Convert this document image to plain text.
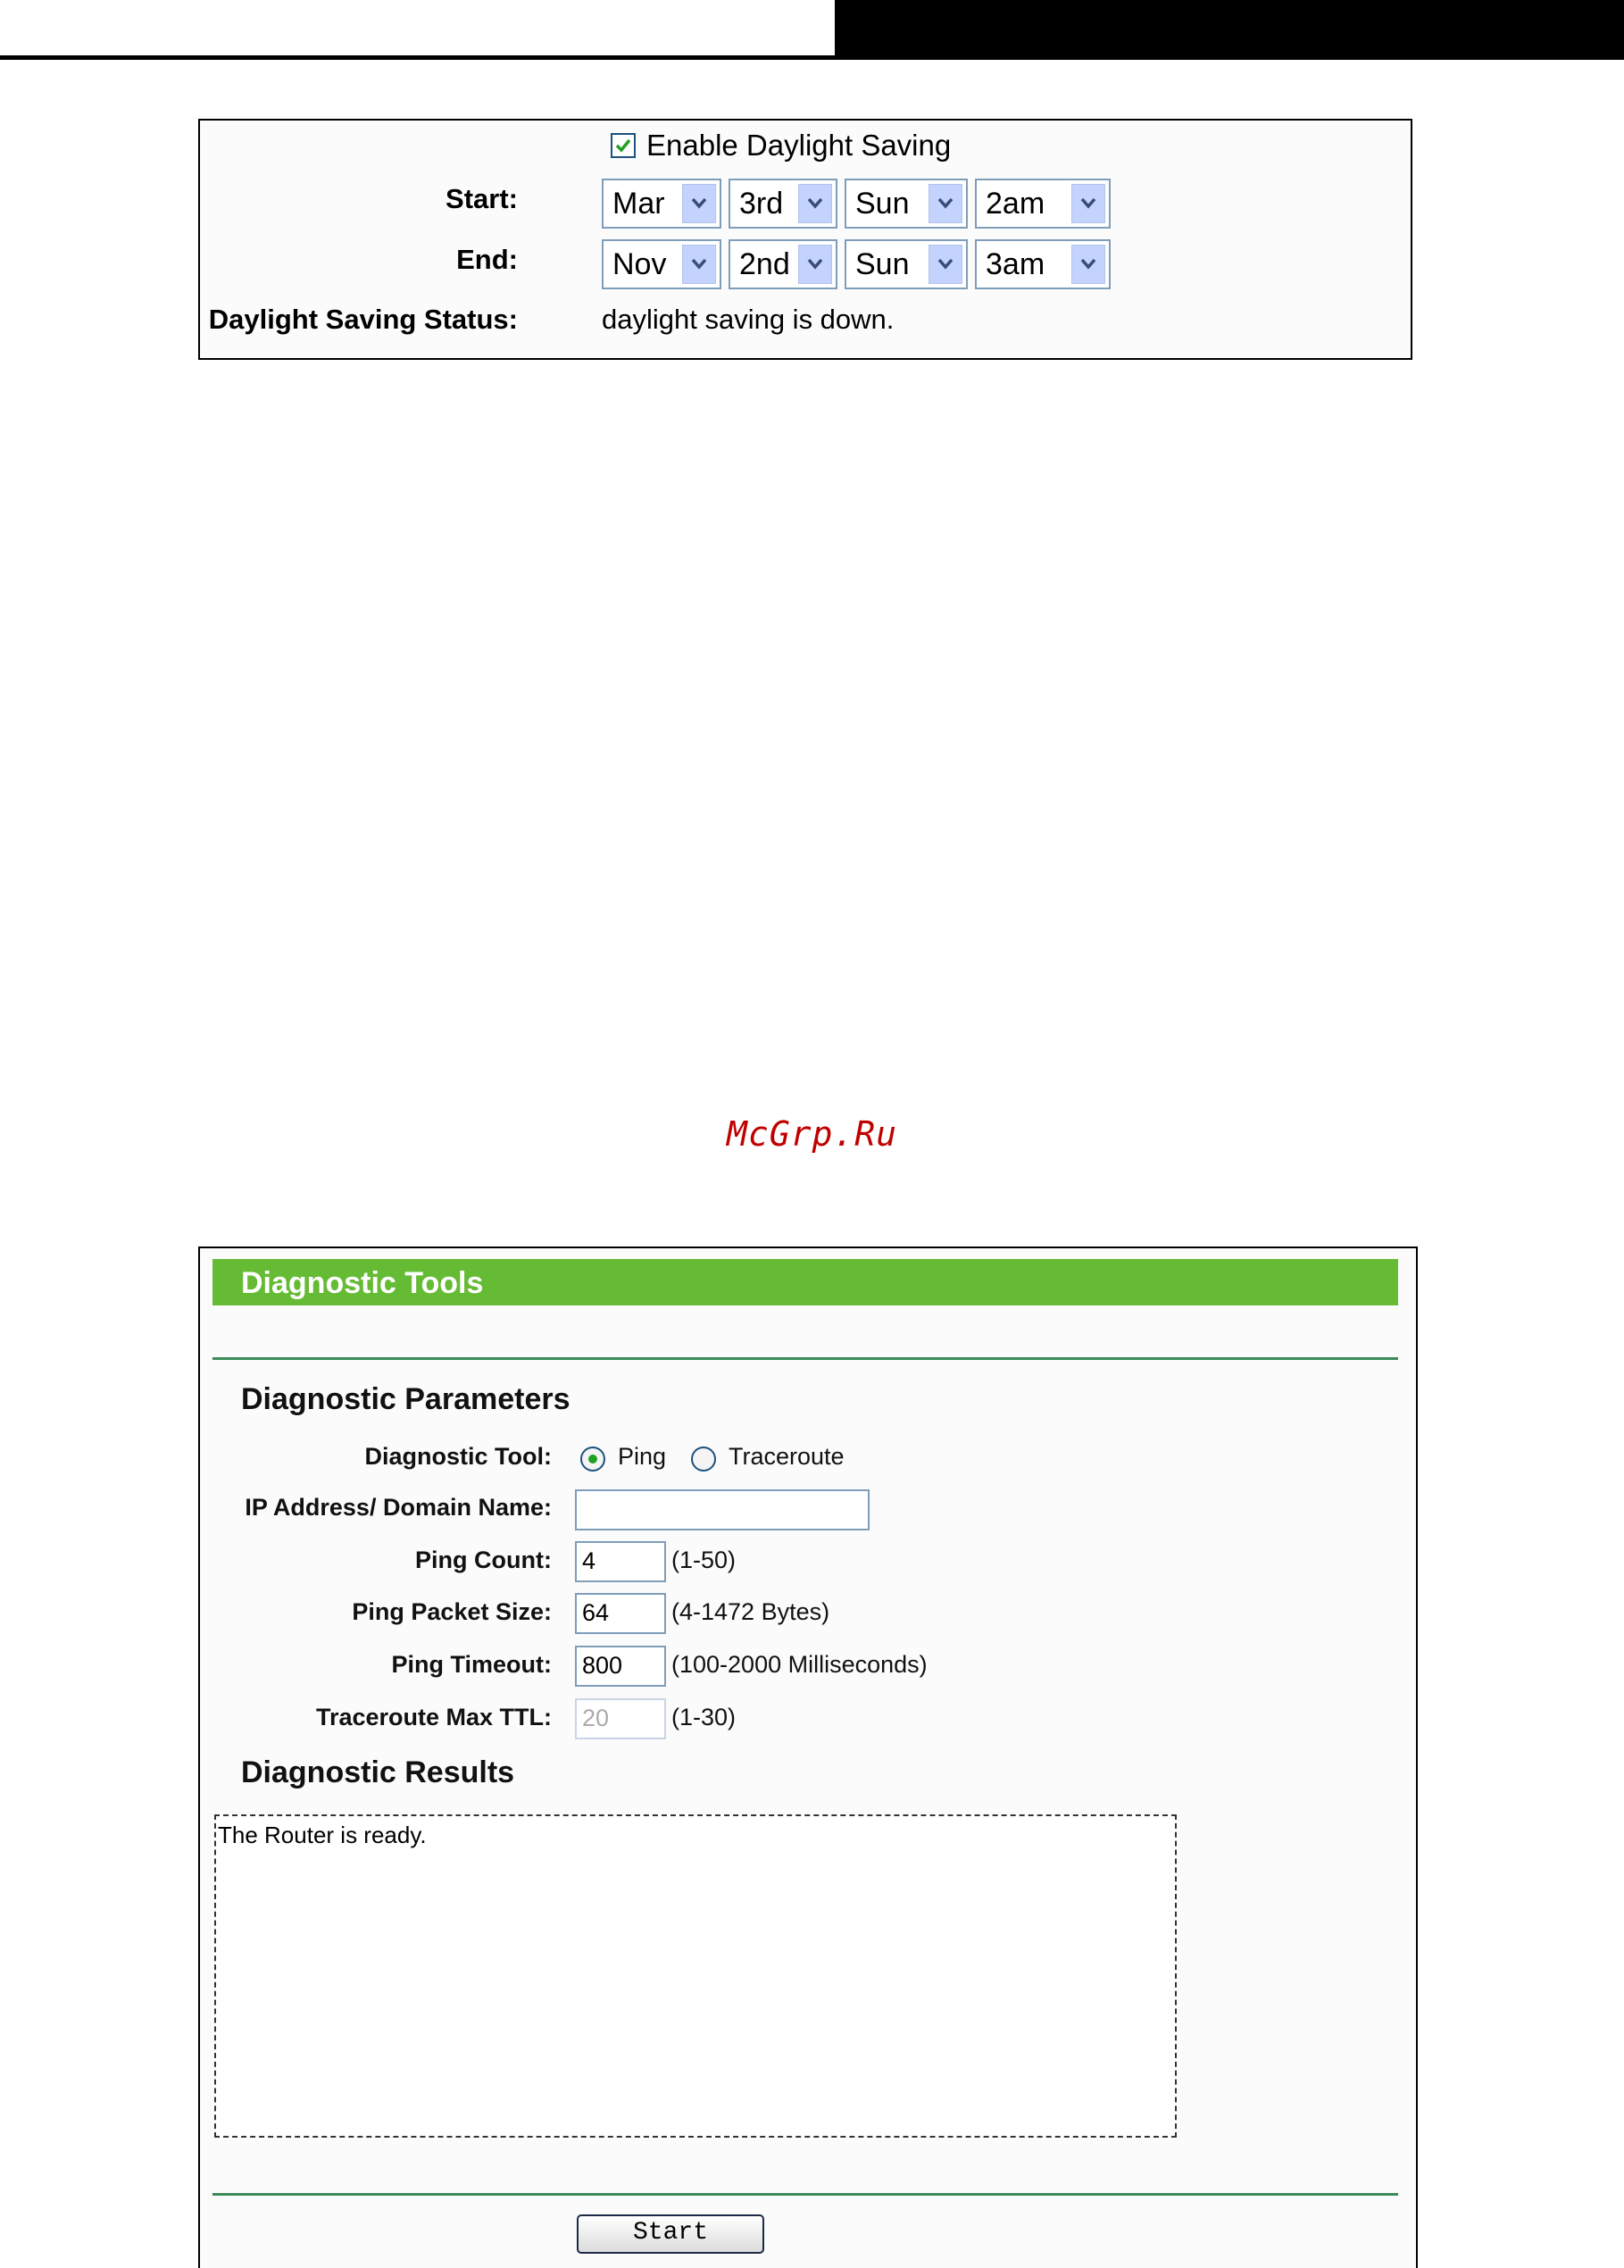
Enable Daylight Saving
Start:	Mar	3rd	Sun	2am
End:	Nov	2nd	Sun	3am
Daylight Saving Status:	daylight saving is down.
McGrp.Ru
Diagnostic Tools
Diagnostic Parameters
Diagnostic Tool:	Ping	Traceroute
IP Address/ Domain Name:
Ping Count: 4	(1-50)
Ping Packet Size: 64	(4-1472 Bytes)
Ping Timeout: 800	(100-2000 Milliseconds)
Traceroute Max TTL: 20	(1-30)
Diagnostic Results
The Router is ready.
Start
